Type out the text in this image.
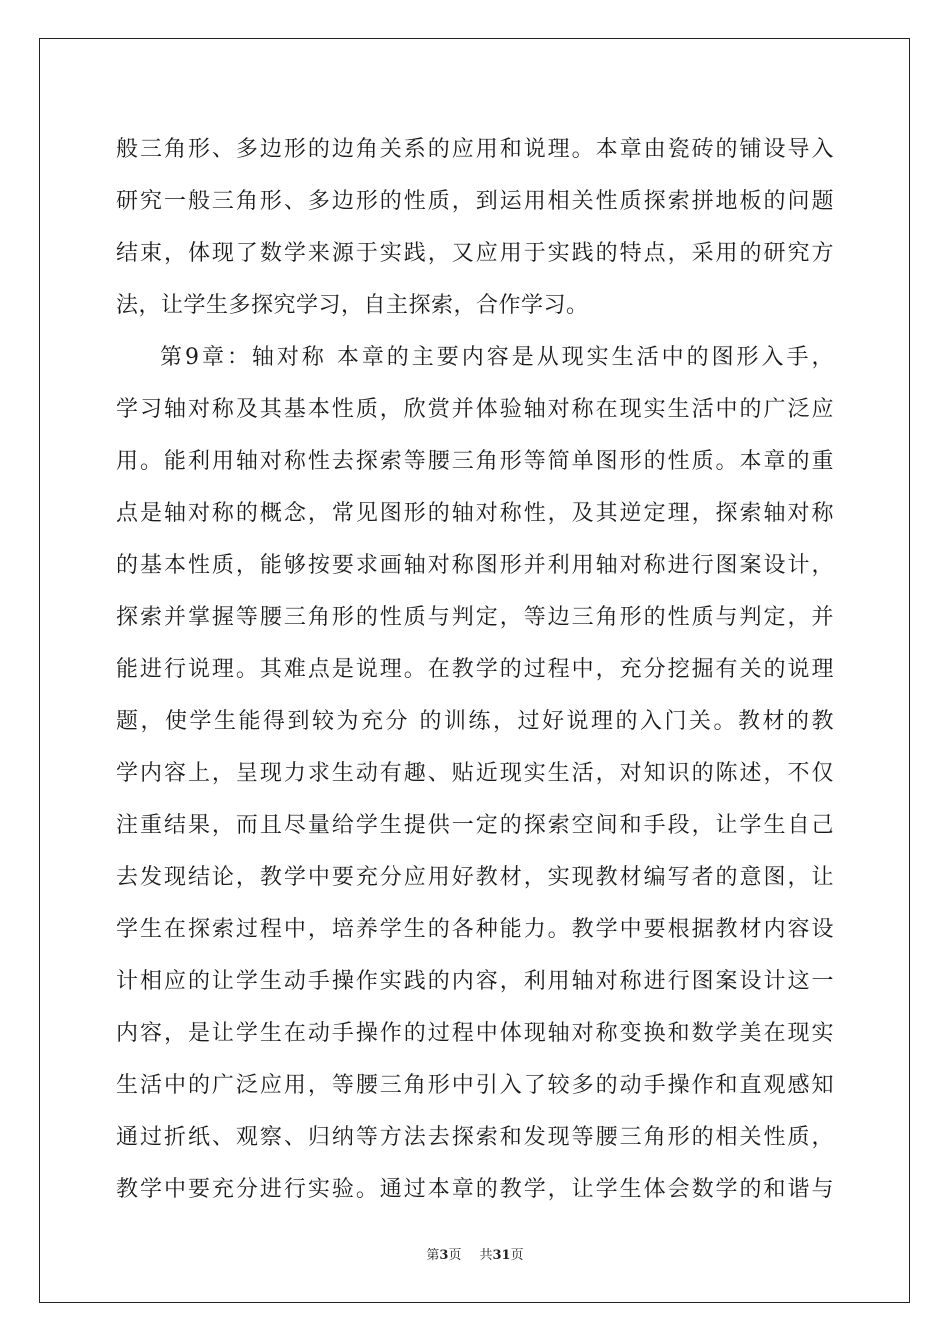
般三角形、多边形的边角关系的应用和说理。本章由瓷砖的铺设导入
研究一般三角形、多边形的性质，到运用相关性质探索拼地板的问题
结束，体现了数学来源于实践，又应用于实践的特点，采用的研究方
法，让学生多探究学习，自主探索，合作学习。
第9章：轴对称 本章的主要内容是从现实生活中的图形入手，
学习轴对称及其基本性质，欣赏并体验轴对称在现实生活中的广泛应
用。能利用轴对称性去探索等腰三角形等简单图形的性质。本章的重
点是轴对称的概念，常见图形的轴对称性，及其逆定理，探索轴对称
的基本性质，能够按要求画轴对称图形并利用轴对称进行图案设计，
探索并掌握等腰三角形的性质与判定，等边三角形的性质与判定，并
能进行说理。其难点是说理。在教学的过程中，充分挖掘有关的说理
题，使学生能得到较为充分 的训练，过好说理的入门关。教材的教
学内容上，呈现力求生动有趣、贴近现实生活，对知识的陈述，不仅
注重结果，而且尽量给学生提供一定的探索空间和手段，让学生自己
去发现结论，教学中要充分应用好教材，实现教材编写者的意图，让
学生在探索过程中，培养学生的各种能力。教学中要根据教材内容设
计相应的让学生动手操作实践的内容，利用轴对称进行图案设计这一
内容，是让学生在动手操作的过程中体现轴对称变换和数学美在现实
生活中的广泛应用，等腰三角形中引入了较多的动手操作和直观感知
通过折纸、观察、归纳等方法去探索和发现等腰三角形的相关性质，
教学中要充分进行实验。通过本章的教学，让学生体会数学的和谐与
第3页 共31页
